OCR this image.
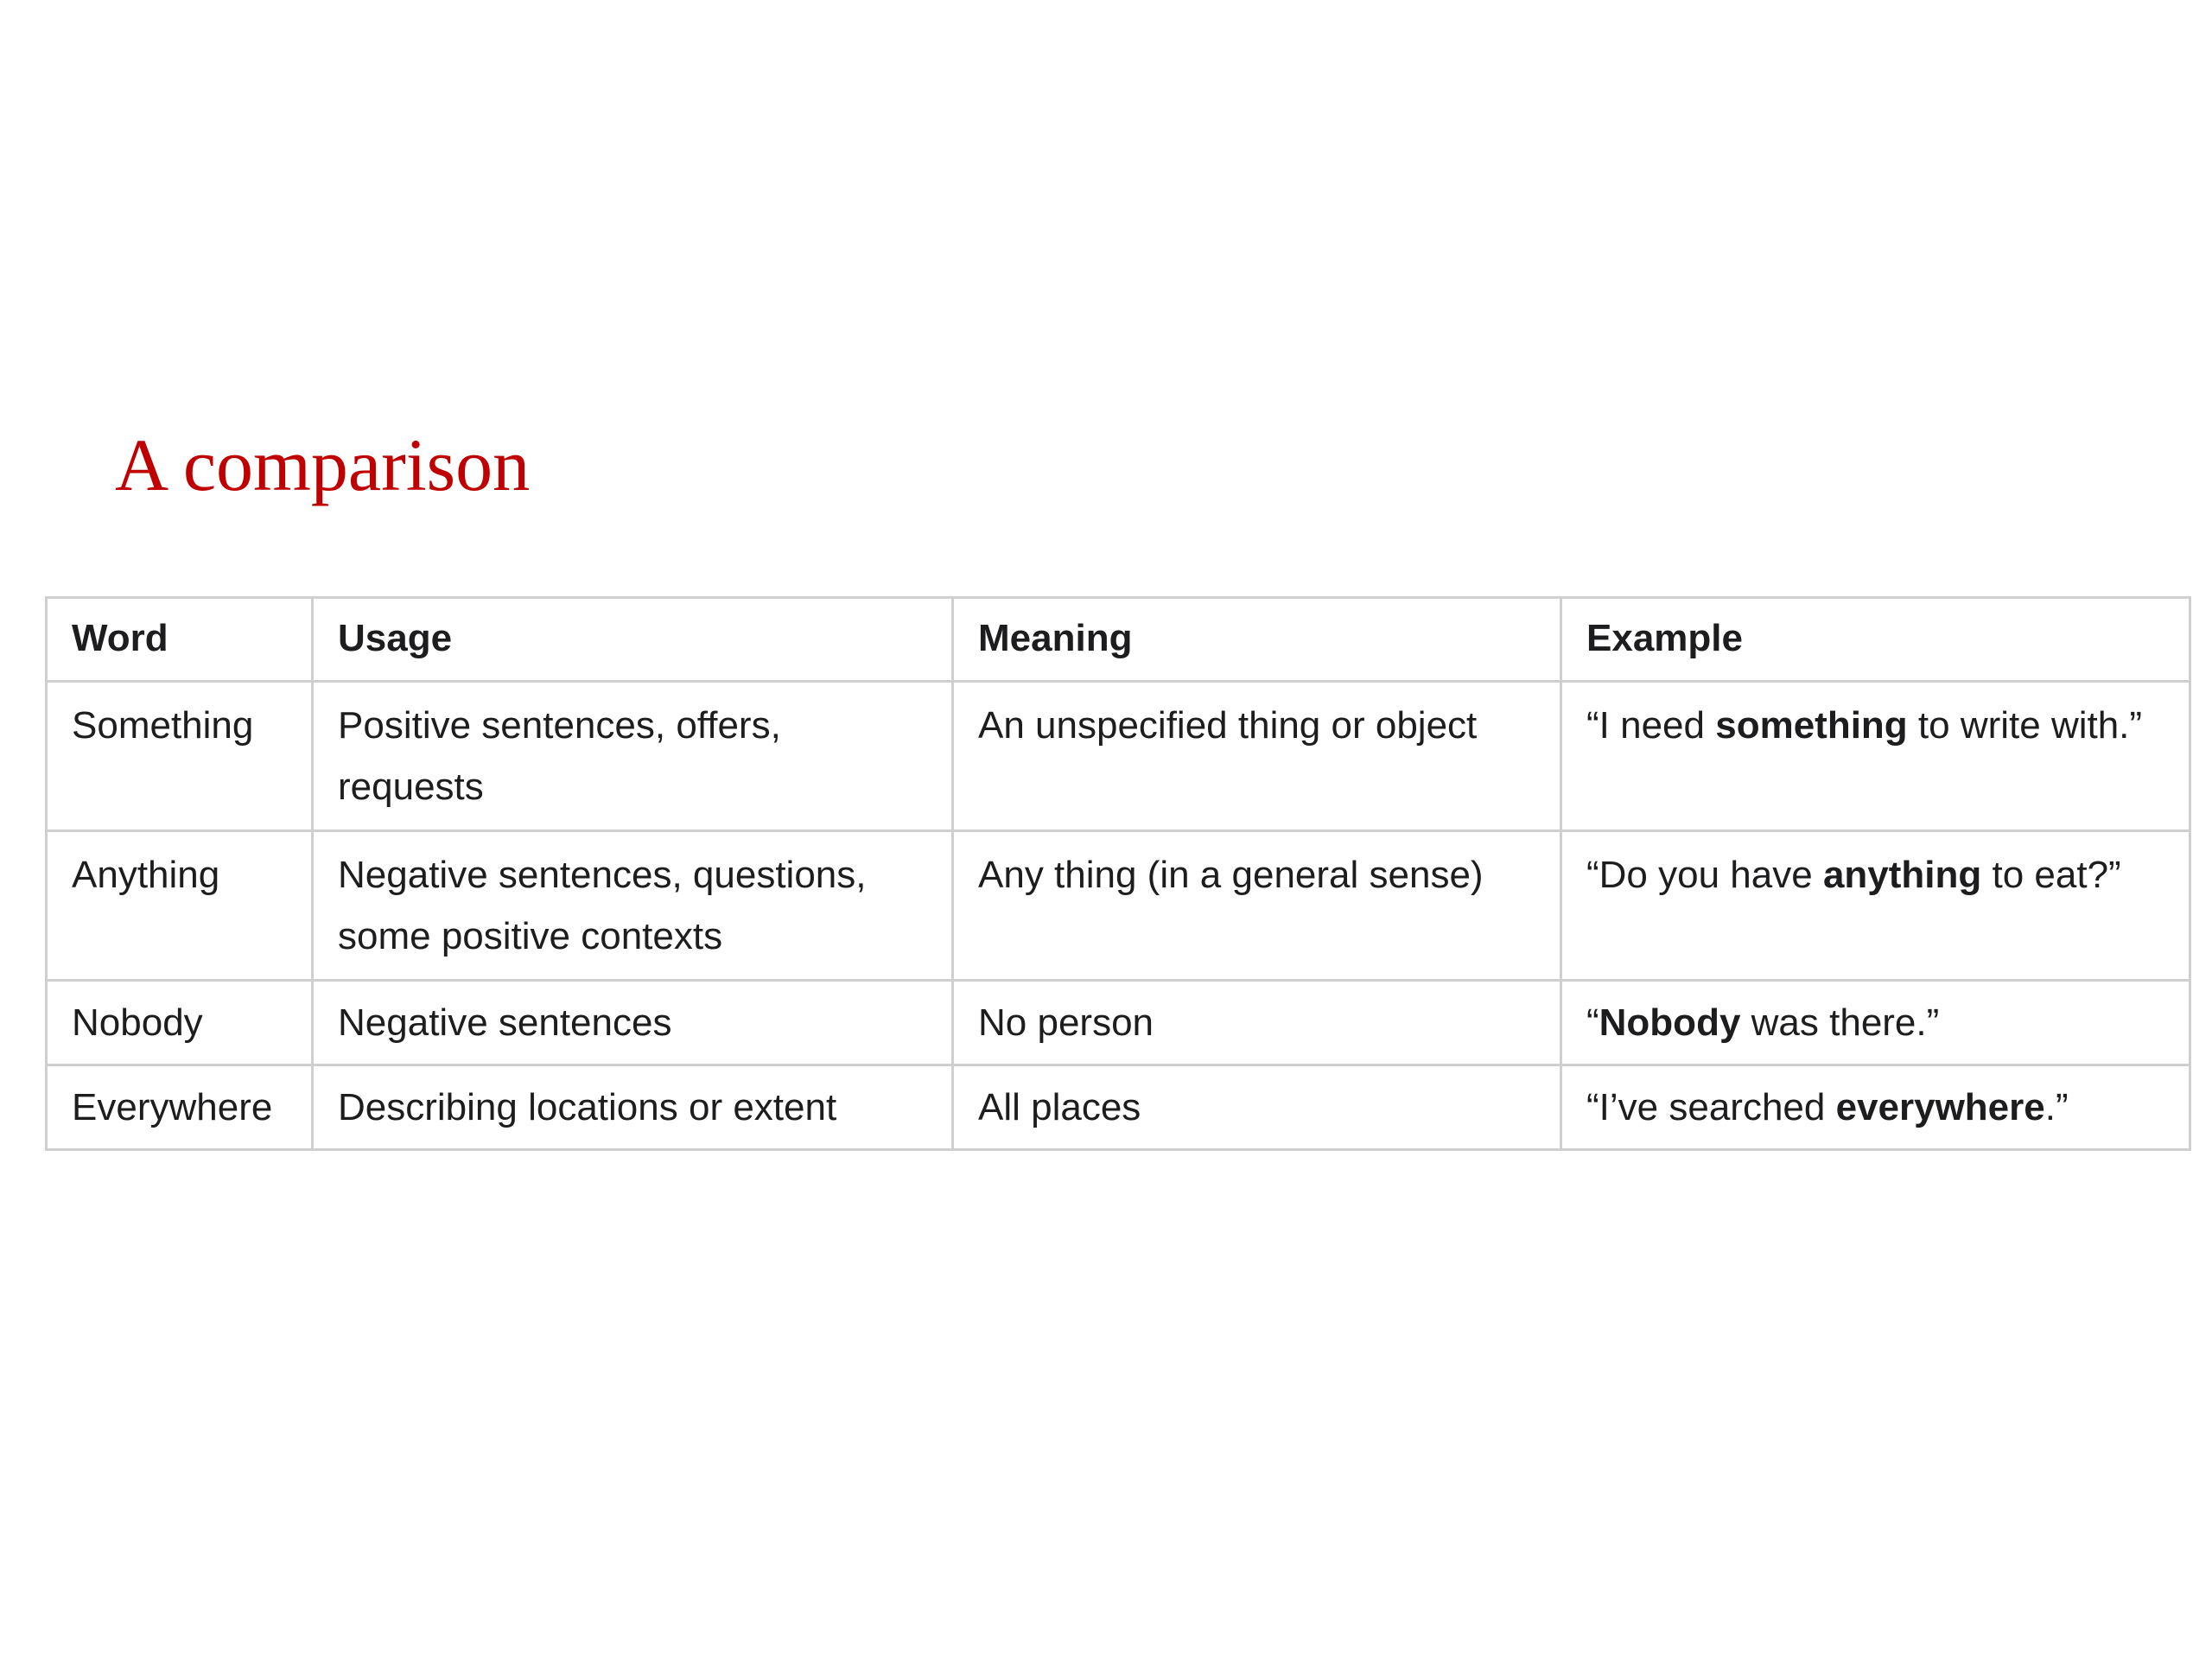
A comparison
Word	Usage	Meaning	Example
Something	Positive sentences, offers, requests	An unspecified thing or object	“I need something to write with.”
Anything	Negative sentences, questions, some positive contexts	Any thing (in a general sense)	“Do you have anything to eat?”
Nobody	Negative sentences	No person	“Nobody was there.”
Everywhere	Describing locations or extent	All places	“I’ve searched everywhere.”
